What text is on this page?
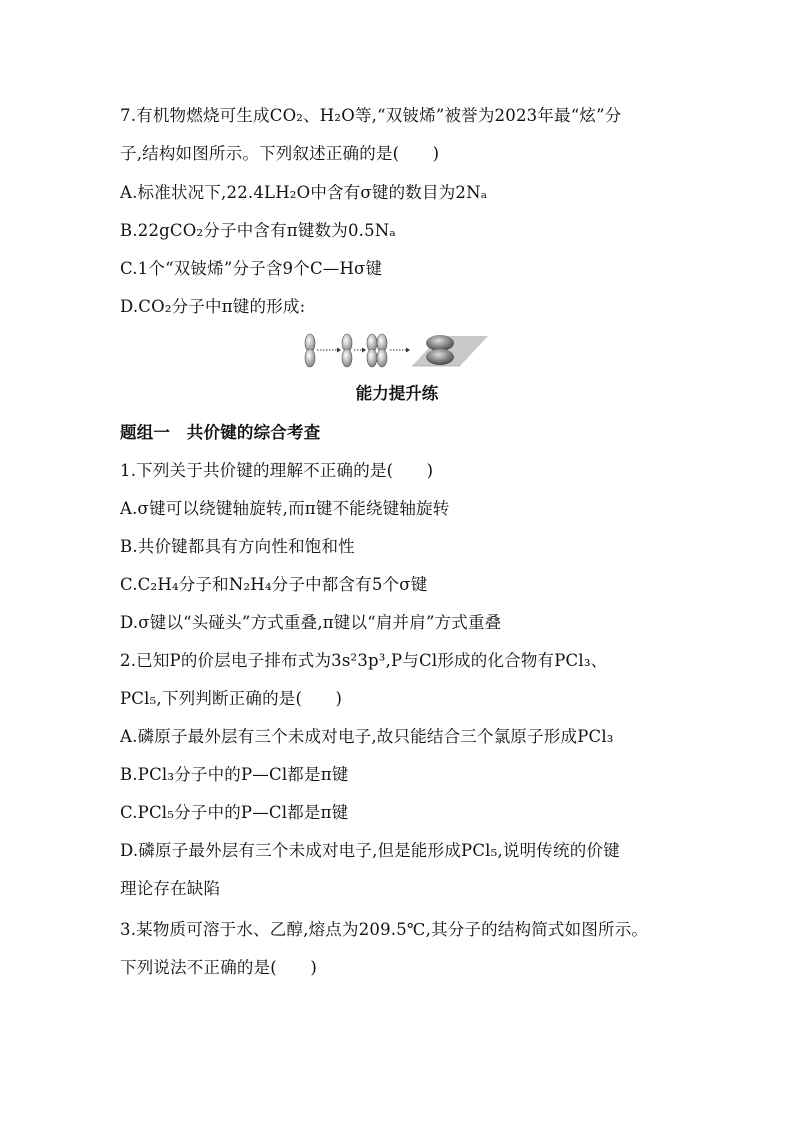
7.有机物燃烧可生成CO₂、H₂O等,“双铍烯”被誉为2023年最“炫”分
子,结构如图所示。下列叙述正确的是(　　)
A.标准状况下,22.4LH₂O中含有σ键的数目为2Nₐ
B.22gCO₂分子中含有π键数为0.5Nₐ
C.1个“双铍烯”分子含9个C—Hσ键
D.CO₂分子中π键的形成:
能力提升练
题组一　共价键的综合考查
1.下列关于共价键的理解不正确的是(　　)
A.σ键可以绕键轴旋转,而π键不能绕键轴旋转
B.共价键都具有方向性和饱和性
C.C₂H₄分子和N₂H₄分子中都含有5个σ键
D.σ键以“头碰头”方式重叠,π键以“肩并肩”方式重叠
2.已知P的价层电子排布式为3s²3p³,P与Cl形成的化合物有PCl₃、
PCl₅,下列判断正确的是(　　)
A.磷原子最外层有三个未成对电子,故只能结合三个氯原子形成PCl₃
B.PCl₃分子中的P—Cl都是π键
C.PCl₅分子中的P—Cl都是π键
D.磷原子最外层有三个未成对电子,但是能形成PCl₅,说明传统的价键
理论存在缺陷
3.某物质可溶于水、乙醇,熔点为209.5℃,其分子的结构简式如图所示。
下列说法不正确的是(　　)
